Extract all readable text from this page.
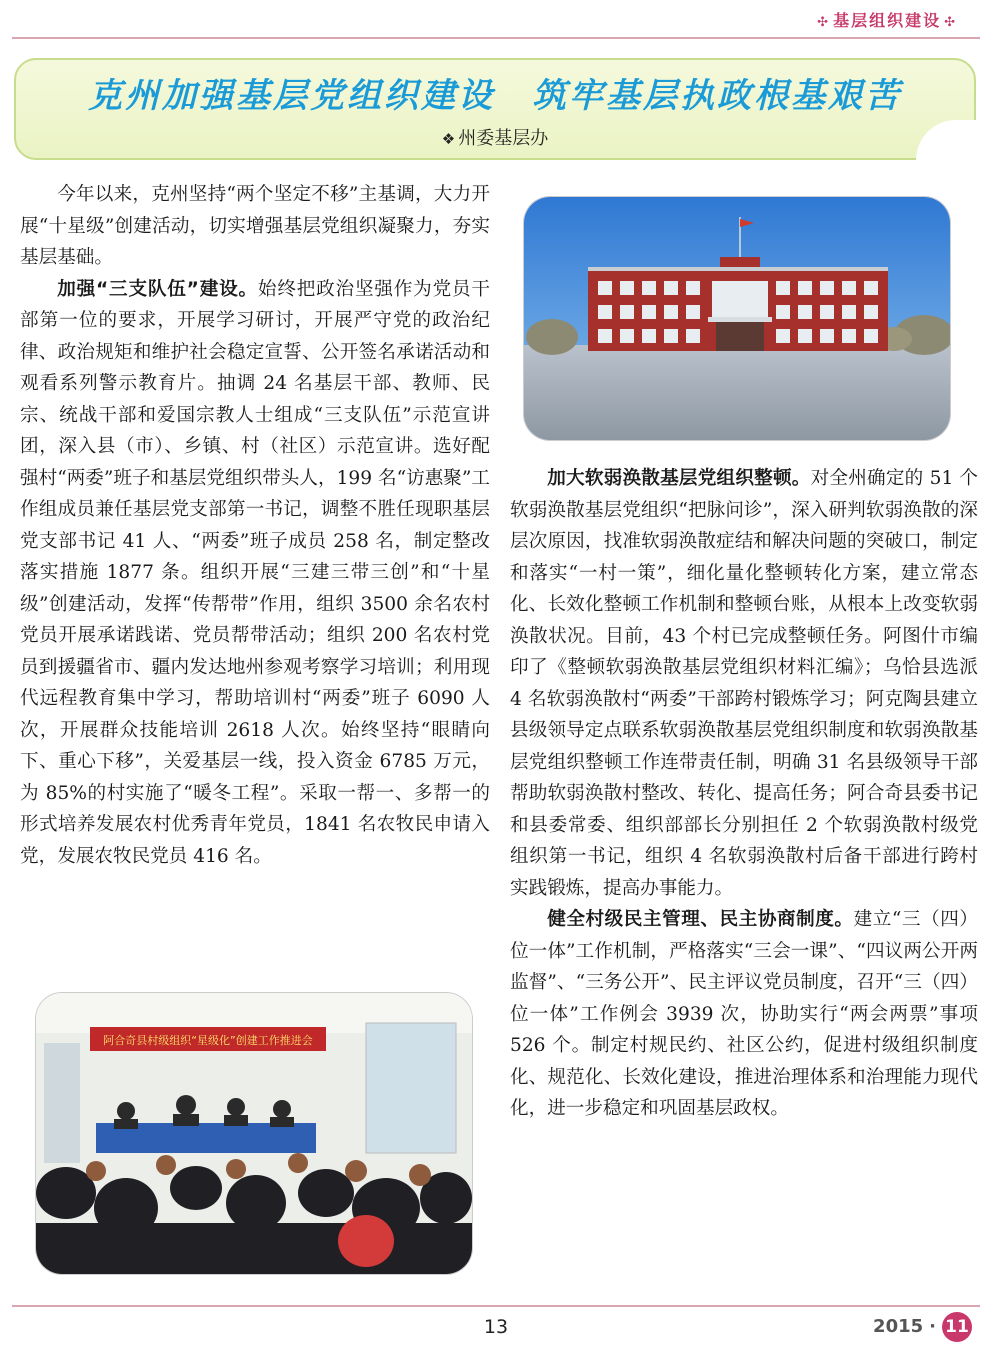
✣ 基层组织建设 ✣
克州加强基层党组织建设　筑牢基层执政根基艰苦
❖ 州委基层办

今年以来，克州坚持“两个坚定不移”主基调，大力开展“十星级”创建活动，切实增强基层党组织凝聚力，夯实基层基础。

加强“三支队伍”建设。始终把政治坚强作为党员干部第一位的要求，开展学习研讨，开展严守党的政治纪律、政治规矩和维护社会稳定宣誓、公开签名承诺活动和观看系列警示教育片。抽调 24 名基层干部、教师、民宗、统战干部和爱国宗教人士组成“三支队伍”示范宣讲团，深入县（市）、乡镇、村（社区）示范宣讲。选好配强村“两委”班子和基层党组织带头人，199 名“访惠聚”工作组成员兼任基层党支部第一书记，调整不胜任现职基层党支部书记 41 人、“两委”班子成员 258 名，制定整改落实措施 1877 条。组织开展“三建三带三创”和“十星级”创建活动，发挥“传帮带”作用，组织 3500 余名农村党员开展承诺践诺、党员帮带活动；组织 200 名农村党员到援疆省市、疆内发达地州参观考察学习培训；利用现代远程教育集中学习，帮助培训村“两委”班子 6090 人次，开展群众技能培训 2618 人次。始终坚持“眼睛向下、重心下移”，关爱基层一线，投入资金 6785 万元，为 85%的村实施了“暖冬工程”。采取一帮一、多帮一的形式培养发展农村优秀青年党员，1841 名农牧民申请入党，发展农牧民党员 416 名。

加大软弱涣散基层党组织整顿。对全州确定的 51 个软弱涣散基层党组织“把脉问诊”，深入研判软弱涣散的深层次原因，找准软弱涣散症结和解决问题的突破口，制定和落实“一村一策”，细化量化整顿转化方案，建立常态化、长效化整顿工作机制和整顿台账，从根本上改变软弱涣散状况。目前，43 个村已完成整顿任务。阿图什市编印了《整顿软弱涣散基层党组织材料汇编》；乌恰县选派 4 名软弱涣散村“两委”干部跨村锻炼学习；阿克陶县建立县级领导定点联系软弱涣散基层党组织制度和软弱涣散基层党组织整顿工作连带责任制，明确 31 名县级领导干部帮助软弱涣散村整改、转化、提高任务；阿合奇县委书记和县委常委、组织部部长分别担任 2 个软弱涣散村级党组织第一书记，组织 4 名软弱涣散村后备干部进行跨村实践锻炼，提高办事能力。

健全村级民主管理、民主协商制度。建立“三（四）位一体”工作机制，严格落实“三会一课”、“四议两公开两监督”、“三务公开”、民主评议党员制度，召开“三（四）位一体”工作例会 3939 次，协助实行“两会两票”事项 526 个。制定村规民约、社区公约，促进村级组织制度化、规范化、长效化建设，推进治理体系和治理能力现代化，进一步稳定和巩固基层政权。

阿合奇县村级组织“星级化”创建工作推进会
13	2015 · 11
